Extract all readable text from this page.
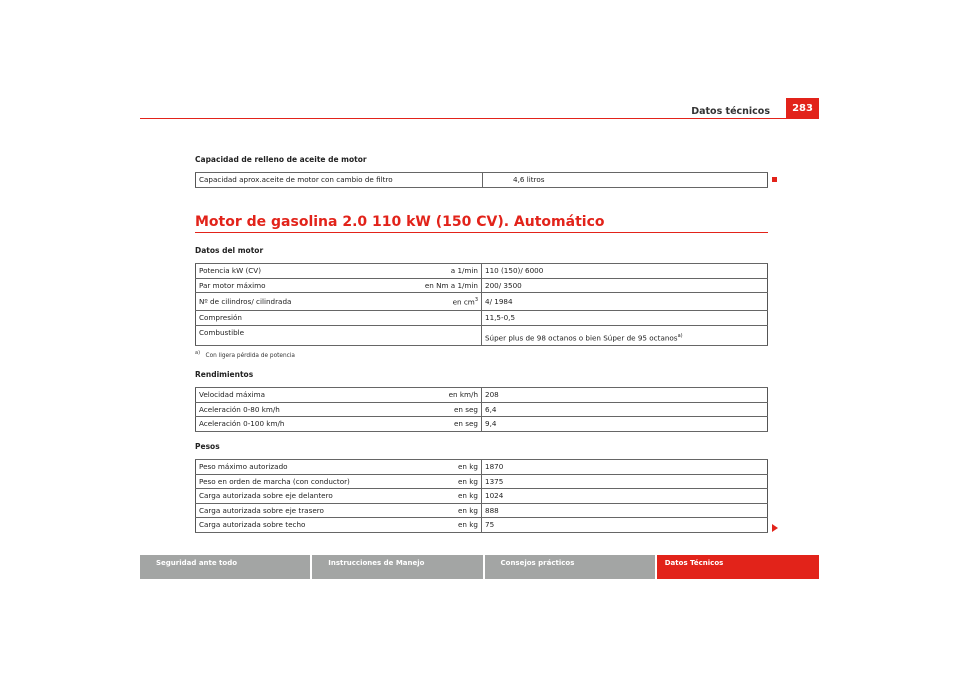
Datos técnicos	283
Capacidad de relleno de aceite de motor
Capacidad aprox.aceite de motor con cambio de filtro	4,6 litros
Motor de gasolina 2.0 110 kW (150 CV). Automático
Datos del motor
Potencia kW (CV)	a 1/min	110 (150)/ 6000
Par motor máximo	en Nm a 1/min	200/ 3500
Nº de cilindros/ cilindrada	en $cm^3$	4/ 1984
Compresión		11,5-0,5
Combustible		Súper plus de 98 octanos o bien Súper de 95 octanos$^{a)}$
$^{a)}$ Con ligera pérdida de potencia
Rendimientos
Velocidad máxima	en km/h	208
Aceleración 0-80 km/h	en seg	6,4
Aceleración 0-100 km/h	en seg	9,4
Pesos
Peso máximo autorizado	en kg	1870
Peso en orden de marcha (con conductor)	en kg	1375
Carga autorizada sobre eje delantero	en kg	1024
Carga autorizada sobre eje trasero	en kg	888
Carga autorizada sobre techo	en kg	75
Seguridad ante todo	Instrucciones de Manejo	Consejos prácticos	Datos Técnicos
